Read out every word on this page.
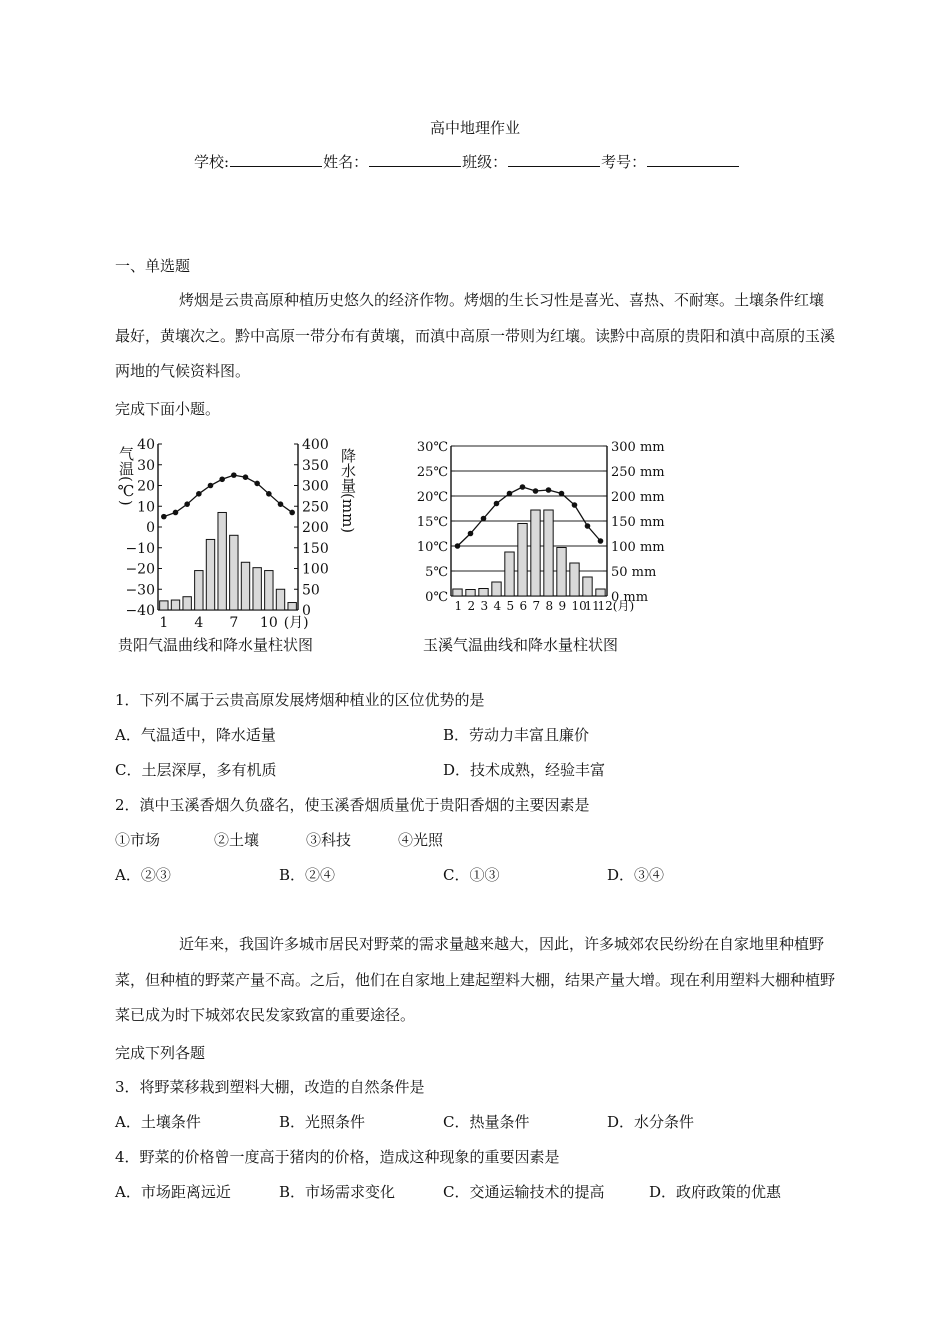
高中地理作业
学校:	姓名：	班级：	考号：
一、单选题
烤烟是云贵高原种植历史悠久的经济作物。烤烟的生长习性是喜光、喜热、不耐寒。土壤条件红壤最好，黄壤次之。黔中高原一带分布有黄壤，而滇中高原一带则为红壤。读黔中高原的贵阳和滇中高原的玉溪两地的气候资料图。
完成下面小题。
40
30
20
10
0
−10
−20
−30
−40
400
350
300
250
200
150
100
50
0
1 4 7 10 (月)
气温(℃)	降水量(mm)
贵阳气温曲线和降水量柱状图
30℃
25℃
20℃
15℃
10℃
5℃
0℃
300 mm
250 mm
200 mm
150 mm
100 mm
50 mm
0 mm
1 2 3 4 5 6 7 8 9 10
11
12(月)
玉溪气温曲线和降水量柱状图
1．下列不属于云贵高原发展烤烟种植业的区位优势的是
A．气温适中，降水适量	B．劳动力丰富且廉价
C．土层深厚，多有机质	D．技术成熟，经验丰富
2．滇中玉溪香烟久负盛名，使玉溪香烟质量优于贵阳香烟的主要因素是
①市场	②土壤	③科技	④光照
A．②③	B．②④	C．①③	D．③④
近年来，我国许多城市居民对野菜的需求量越来越大，因此，许多城郊农民纷纷在自家地里种植野菜，但种植的野菜产量不高。之后，他们在自家地上建起塑料大棚，结果产量大增。现在利用塑料大棚种植野菜已成为时下城郊农民发家致富的重要途径。
完成下列各题
3．将野菜移栽到塑料大棚，改造的自然条件是
A．土壤条件	B．光照条件	C．热量条件	D．水分条件
4．野菜的价格曾一度高于猪肉的价格，造成这种现象的重要因素是
A．市场距离远近	B．市场需求变化	C．交通运输技术的提高	D．政府政策的优惠
